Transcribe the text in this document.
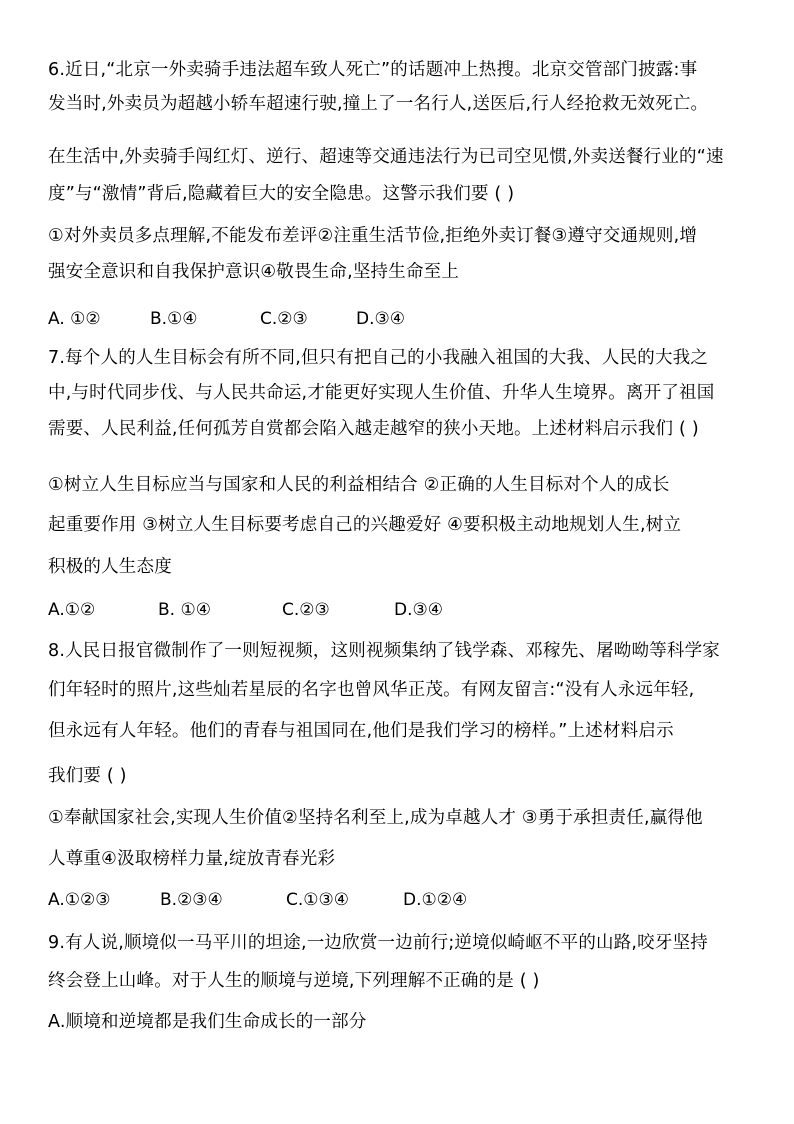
6.近日,“北京一外卖骑手违法超车致人死亡”的话题冲上热搜。北京交管部门披露:事
发当时,外卖员为超越小轿车超速行驶,撞上了一名行人,送医后,行人经抢救无效死亡。
在生活中,外卖骑手闯红灯、逆行、超速等交通违法行为已司空见惯,外卖送餐行业的“速
度”与“激情”背后,隐藏着巨大的安全隐患。这警示我们要 ( )
①对外卖员多点理解,不能发布差评②注重生活节俭,拒绝外卖订餐③遵守交通规则,增
强安全意识和自我保护意识④敬畏生命,坚持生命至上
A. ①②	B.①④	C.②③	D.③④
7.每个人的人生目标会有所不同,但只有把自己的小我融入祖国的大我、人民的大我之
中,与时代同步伐、与人民共命运,才能更好实现人生价值、升华人生境界。离开了祖国
需要、人民利益,任何孤芳自赏都会陷入越走越窄的狭小天地。上述材料启示我们 ( )
①树立人生目标应当与国家和人民的利益相结合 ②正确的人生目标对个人的成长
起重要作用 ③树立人生目标要考虑自己的兴趣爱好 ④要积极主动地规划人生,树立
积极的人生态度
A.①②	B. ①④	C.②③	D.③④
8.人民日报官微制作了一则短视频，这则视频集纳了钱学森、邓稼先、屠呦呦等科学家
们年轻时的照片,这些灿若星辰的名字也曾风华正茂。有网友留言:“没有人永远年轻,
但永远有人年轻。他们的青春与祖国同在,他们是我们学习的榜样。”上述材料启示
我们要 ( )
①奉献国家社会,实现人生价值②坚持名利至上,成为卓越人才 ③勇于承担责任,赢得他
人尊重④汲取榜样力量,绽放青春光彩
A.①②③	B.②③④	C.①③④	D.①②④
9.有人说,顺境似一马平川的坦途,一边欣赏一边前行;逆境似崎岖不平的山路,咬牙坚持
终会登上山峰。对于人生的顺境与逆境,下列理解不正确的是 ( )
A.顺境和逆境都是我们生命成长的一部分
